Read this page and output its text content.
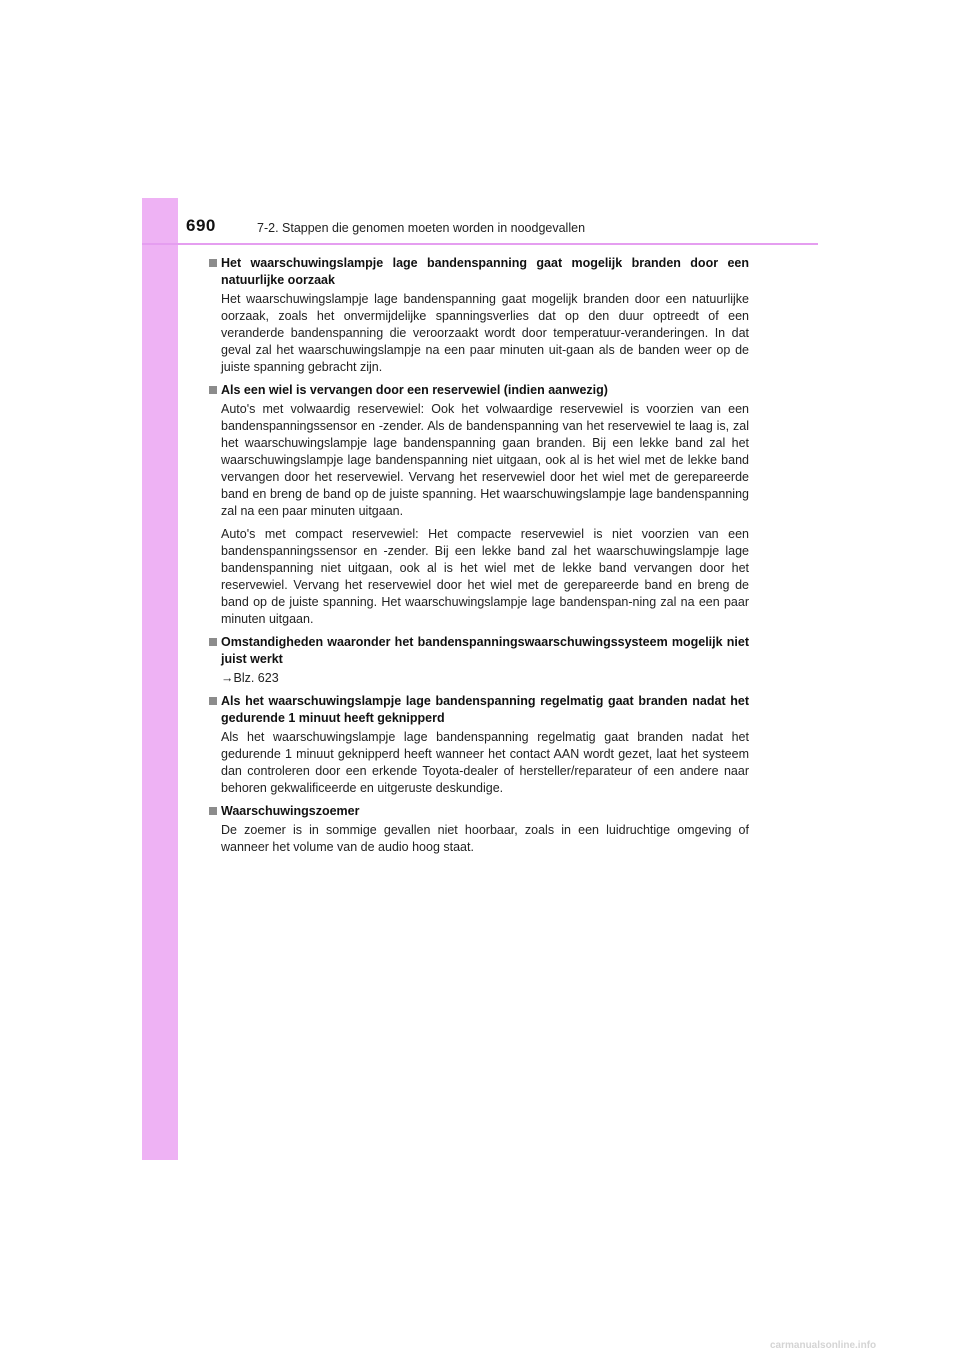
690	7-2. Stappen die genomen moeten worden in noodgevallen
Het waarschuwingslampje lage bandenspanning gaat mogelijk branden door een natuurlijke oorzaak
Het waarschuwingslampje lage bandenspanning gaat mogelijk branden door een natuurlijke oorzaak, zoals het onvermijdelijke spanningsverlies dat op den duur optreedt of een veranderde bandenspanning die veroorzaakt wordt door temperatuur-veranderingen. In dat geval zal het waarschuwingslampje na een paar minuten uit-gaan als de banden weer op de juiste spanning gebracht zijn.
Als een wiel is vervangen door een reservewiel (indien aanwezig)
Auto's met volwaardig reservewiel: Ook het volwaardige reservewiel is voorzien van een bandenspanningssensor en -zender. Als de bandenspanning van het reservewiel te laag is, zal het waarschuwingslampje lage bandenspanning gaan branden. Bij een lekke band zal het waarschuwingslampje lage bandenspanning niet uitgaan, ook al is het wiel met de lekke band vervangen door het reservewiel. Vervang het reservewiel door het wiel met de gerepareerde band en breng de band op de juiste spanning. Het waarschuwingslampje lage bandenspanning zal na een paar minuten uitgaan.
Auto's met compact reservewiel: Het compacte reservewiel is niet voorzien van een bandenspanningssensor en -zender. Bij een lekke band zal het waarschuwingslampje lage bandenspanning niet uitgaan, ook al is het wiel met de lekke band vervangen door het reservewiel. Vervang het reservewiel door het wiel met de gerepareerde band en breng de band op de juiste spanning. Het waarschuwingslampje lage bandenspan-ning zal na een paar minuten uitgaan.
Omstandigheden waaronder het bandenspanningswaarschuwingssysteem mogelijk niet juist werkt
→Blz. 623
Als het waarschuwingslampje lage bandenspanning regelmatig gaat branden nadat het gedurende 1 minuut heeft geknipperd
Als het waarschuwingslampje lage bandenspanning regelmatig gaat branden nadat het gedurende 1 minuut geknipperd heeft wanneer het contact AAN wordt gezet, laat het systeem dan controleren door een erkende Toyota-dealer of hersteller/reparateur of een andere naar behoren gekwalificeerde en uitgeruste deskundige.
Waarschuwingszoemer
De zoemer is in sommige gevallen niet hoorbaar, zoals in een luidruchtige omgeving of wanneer het volume van de audio hoog staat.
carmanualsonline.info
